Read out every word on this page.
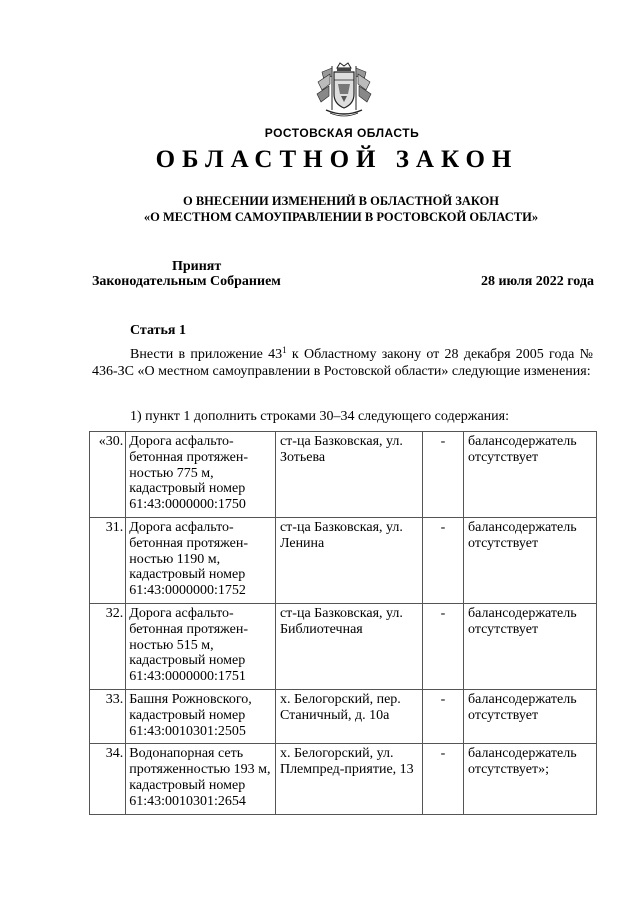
РОСТОВСКАЯ ОБЛАСТЬ
ОБЛАСТНОЙ ЗАКОН
О ВНЕСЕНИИ ИЗМЕНЕНИЙ В ОБЛАСТНОЙ ЗАКОН
«О МЕСТНОМ САМОУПРАВЛЕНИИ В РОСТОВСКОЙ ОБЛАСТИ»
Принят
Законодательным Собранием	28 июля 2022 года
Статья 1
Внести в приложение $43^1$ к Областному закону от 28 декабря 2005 года № 436-ЗС «О местном самоуправлении в Ростовской области» следующие изменения:
1) пункт 1 дополнить строками 30–34 следующего содержания:
«30.	Дорога асфальто-бетонная протяжен-ностью 775 м, кадастровый номер 61:43:0000000:1750	ст-ца Базковская, ул. Зотьева	-	балансодержатель отсутствует
31.	Дорога асфальто-бетонная протяжен-ностью 1190 м, кадастровый номер 61:43:0000000:1752	ст-ца Базковская, ул. Ленина	-	балансодержатель отсутствует
32.	Дорога асфальто-бетонная протяжен-ностью 515 м, кадастровый номер 61:43:0000000:1751	ст-ца Базковская, ул. Библиотечная	-	балансодержатель отсутствует
33.	Башня Рожновского, кадастровый номер 61:43:0010301:2505	х. Белогорский, пер. Станичный, д. 10а	-	балансодержатель отсутствует
34.	Водонапорная сеть протяженностью 193 м, кадастровый номер 61:43:0010301:2654	х. Белогорский, ул. Племпред-приятие, 13	-	балансодержатель отсутствует»;
